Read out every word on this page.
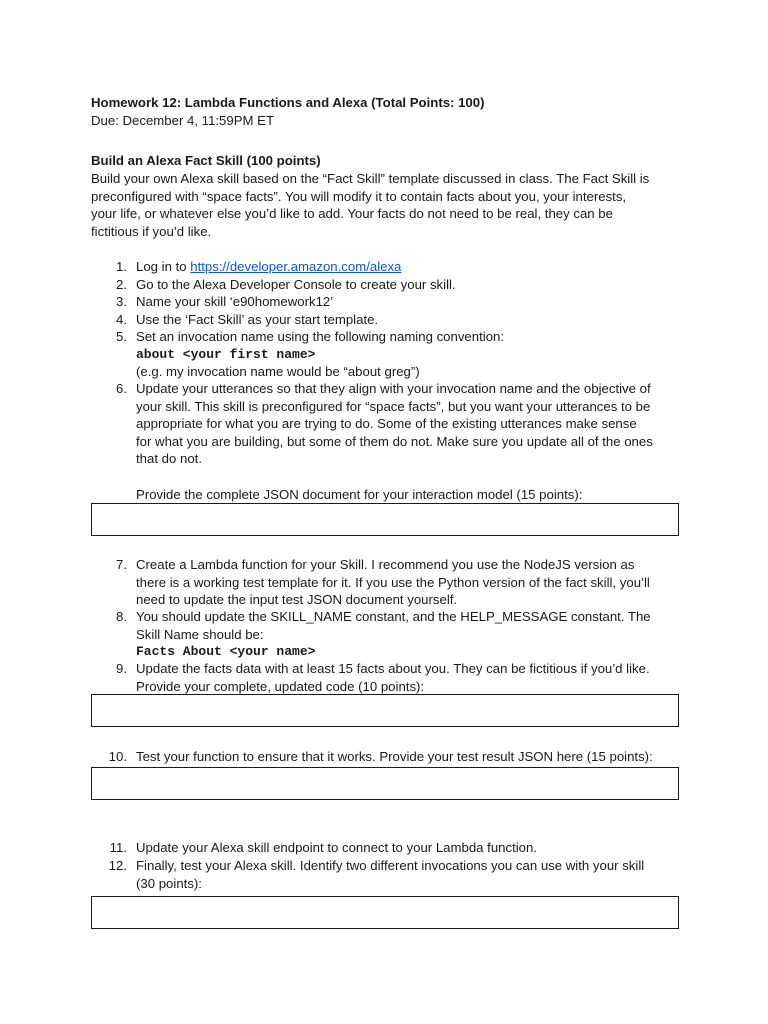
Homework 12: Lambda Functions and Alexa (Total Points: 100)
Due: December 4, 11:59PM ET
Build an Alexa Fact Skill (100 points)
Build your own Alexa skill based on the “Fact Skill” template discussed in class. The Fact Skill is
preconfigured with “space facts”. You will modify it to contain facts about you, your interests,
your life, or whatever else you’d like to add. Your facts do not need to be real, they can be
fictitious if you’d like.
1. Log in to https://developer.amazon.com/alexa
2. Go to the Alexa Developer Console to create your skill.
3. Name your skill ‘e90homework12’
4. Use the ‘Fact Skill’ as your start template.
5. Set an invocation name using the following naming convention:
about <your first name>
(e.g. my invocation name would be “about greg”)
6. Update your utterances so that they align with your invocation name and the objective of
your skill. This skill is preconfigured for “space facts”, but you want your utterances to be
appropriate for what you are trying to do. Some of the existing utterances make sense
for what you are building, but some of them do not. Make sure you update all of the ones
that do not.
Provide the complete JSON document for your interaction model (15 points):
7. Create a Lambda function for your Skill. I recommend you use the NodeJS version as
there is a working test template for it. If you use the Python version of the fact skill, you’ll
need to update the input test JSON document yourself.
8. You should update the SKILL_NAME constant, and the HELP_MESSAGE constant. The
Skill Name should be:
Facts About <your name>
9. Update the facts data with at least 15 facts about you. They can be fictitious if you’d like.
Provide your complete, updated code (10 points):
10. Test your function to ensure that it works. Provide your test result JSON here (15 points):
11. Update your Alexa skill endpoint to connect to your Lambda function.
12. Finally, test your Alexa skill. Identify two different invocations you can use with your skill
(30 points):
